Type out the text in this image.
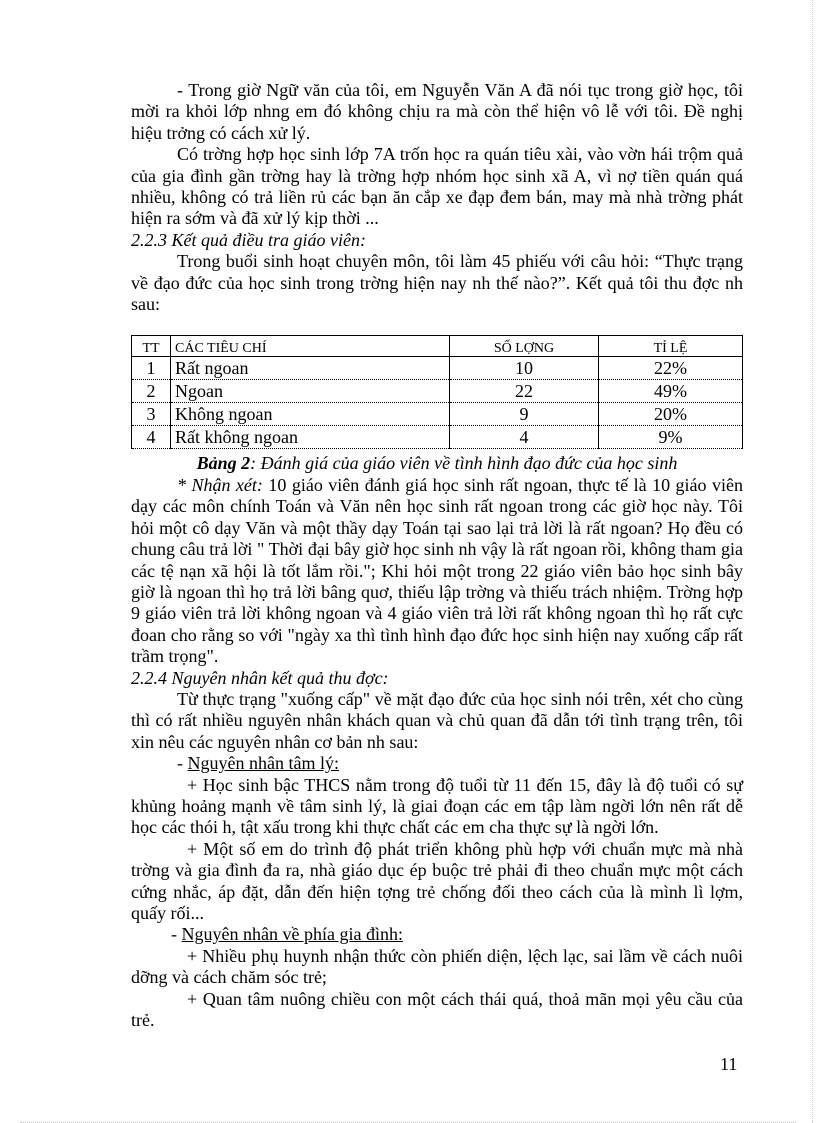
- Trong giờ Ngữ văn của tôi, em Nguyễn Văn A đã nói tục trong giờ học, tôi mời ra khỏi lớp nhng em đó không chịu ra mà còn thể hiện vô lễ với tôi. Đề nghị hiệu trởng có cách xử lý.

Có trờng hợp học sinh lớp 7A trốn học ra quán tiêu xài, vào vờn hái trộm quả của gia đình gần trờng hay là trờng hợp nhóm học sinh xã A, vì nợ tiền quán quá nhiều, không có trả liền rủ các bạn ăn cắp xe đạp đem bán, may mà nhà trờng phát hiện ra sớm và đã xử lý kịp thời ...

2.2.3 Kết quả điều tra giáo viên:

Trong buổi sinh hoạt chuyên môn, tôi làm 45 phiếu với câu hỏi: “Thực trạng về đạo đức của học sinh trong trờng hiện nay nh thế nào?”. Kết quả tôi thu đợc nh sau:

TT	CÁC TIÊU CHÍ	SỐ LỢNG	TỈ LỆ
1	Rất ngoan	10	22%
2	Ngoan	22	49%
3	Không ngoan	9	20%
4	Rất không ngoan	4	9%

Bảng 2: Đánh giá của giáo viên về tình hình đạo đức của học sinh

* Nhận xét: 10 giáo viên đánh giá học sinh rất ngoan, thực tế là 10 giáo viên dạy các môn chính Toán và Văn nên học sinh rất ngoan trong các giờ học này. Tôi hỏi một cô dạy Văn và một thầy dạy Toán tại sao lại trả lời là rất ngoan? Họ đều có chung câu trả lời " Thời đại bây giờ học sinh nh vậy là rất ngoan rồi, không tham gia các tệ nạn xã hội là tốt lắm rồi."; Khi hỏi một trong 22 giáo viên bảo học sinh bây giờ là ngoan thì họ trả lời bâng quơ, thiếu lập trờng và thiếu trách nhiệm. Trờng hợp 9 giáo viên trả lời không ngoan và 4 giáo viên trả lời rất không ngoan thì họ rất cực đoan cho rằng so với "ngày xa thì tình hình đạo đức học sinh hiện nay xuống cấp rất trầm trọng".

2.2.4 Nguyên nhân kết quả thu đợc:

Từ thực trạng "xuống cấp" về mặt đạo đức của học sinh nói trên, xét cho cùng thì có rất nhiều nguyên nhân khách quan và chủ quan đã dẫn tới tình trạng trên, tôi xin nêu các nguyên nhân cơ bản nh sau:

- Nguyên nhân tâm lý:

+ Học sinh bậc THCS nằm trong độ tuổi từ 11 đến 15, đây là độ tuổi có sự khủng hoảng mạnh về tâm sinh lý, là giai đoạn các em tập làm ngời lớn nên rất dễ học các thói h, tật xấu trong khi thực chất các em cha thực sự là ngời lớn.

+ Một số em do trình độ phát triển không phù hợp với chuẩn mực mà nhà trờng và gia đình đa ra, nhà giáo dục ép buộc trẻ phải đi theo chuẩn mực một cách cứng nhắc, áp đặt, dẫn đến hiện tợng trẻ chống đối theo cách của là mình lì lợm, quấy rối...

- Nguyên nhân về phía gia đình:

+ Nhiều phụ huynh nhận thức còn phiến diện, lệch lạc, sai lầm về cách nuôi dỡng và cách chăm sóc trẻ;

+ Quan tâm nuông chiều con một cách thái quá, thoả mãn mọi yêu cầu của trẻ.

11
